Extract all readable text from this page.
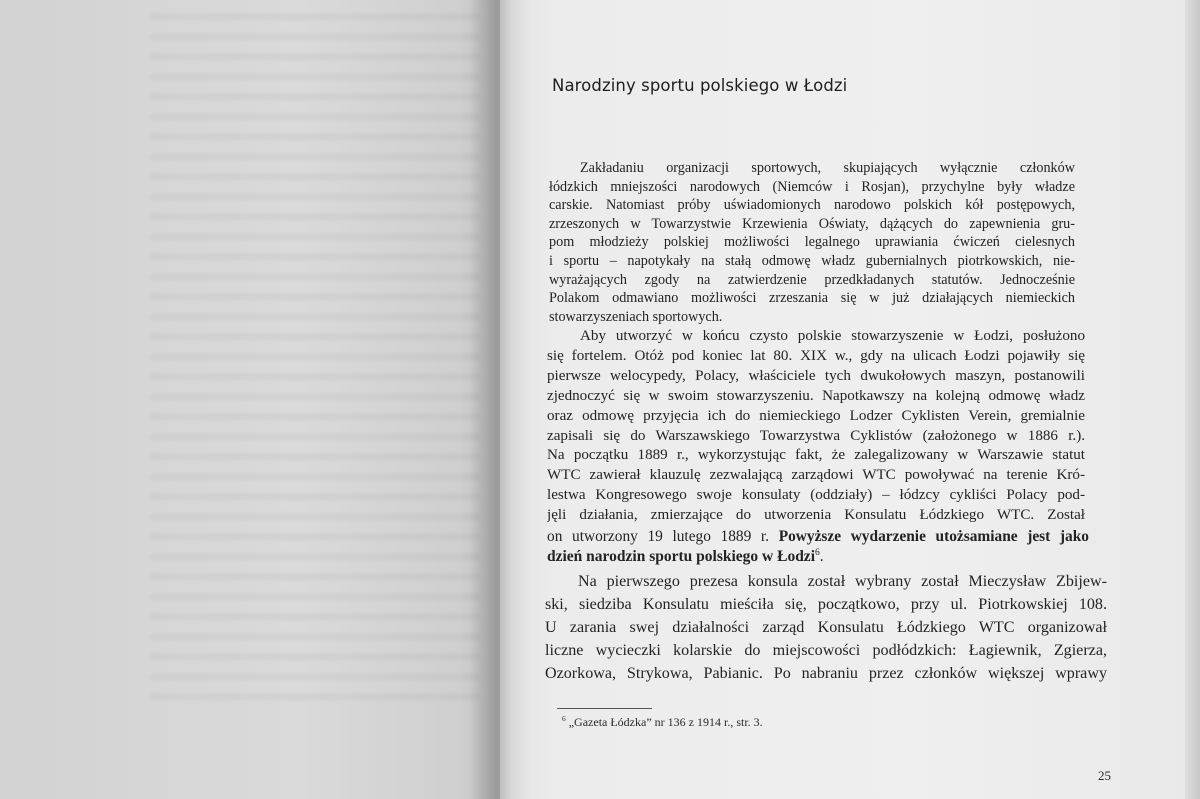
Narodziny sportu polskiego w Łodzi
Zakładaniu organizacji sportowych, skupiających wyłącznie członków
łódzkich mniejszości narodowych (Niemców i Rosjan), przychylne były władze
carskie. Natomiast próby uświadomionych narodowo polskich kół postępowych,
zrzeszonych w Towarzystwie Krzewienia Oświaty, dążących do zapewnienia gru-
pom młodzieży polskiej możliwości legalnego uprawiania ćwiczeń cielesnych
i sportu – napotykały na stałą odmowę władz gubernialnych piotrkowskich, nie-
wyrażających zgody na zatwierdzenie przedkładanych statutów. Jednocześnie
Polakom odmawiano możliwości zrzeszania się w już działających niemieckich
stowarzyszeniach sportowych.
Aby utworzyć w końcu czysto polskie stowarzyszenie w Łodzi, posłużono
się fortelem. Otóż pod koniec lat 80. XIX w., gdy na ulicach Łodzi pojawiły się
pierwsze welocypedy, Polacy, właściciele tych dwukołowych maszyn, postanowili
zjednoczyć się w swoim stowarzyszeniu. Napotkawszy na kolejną odmowę władz
oraz odmowę przyjęcia ich do niemieckiego Lodzer Cyklisten Verein, gremialnie
zapisali się do Warszawskiego Towarzystwa Cyklistów (założonego w 1886 r.).
Na początku 1889 r., wykorzystując fakt, że zalegalizowany w Warszawie statut
WTC zawierał klauzulę zezwalającą zarządowi WTC powoływać na terenie Kró-
lestwa Kongresowego swoje konsulaty (oddziały) – łódzcy cykliści Polacy pod-
jęli działania, zmierzające do utworzenia Konsulatu Łódzkiego WTC. Został
on utworzony 19 lutego 1889 r. Powyższe wydarzenie utożsamiane jest jako
dzień narodzin sportu polskiego w Łodzi$^6$.
Na pierwszego prezesa konsula został wybrany został Mieczysław Zbijew-
ski, siedziba Konsulatu mieściła się, początkowo, przy ul. Piotrkowskiej 108.
U zarania swej działalności zarząd Konsulatu Łódzkiego WTC organizował
liczne wycieczki kolarskie do miejscowości podłódzkich: Łagiewnik, Zgierza,
Ozorkowa, Strykowa, Pabianic. Po nabraniu przez członków większej wprawy
$^6$ „Gazeta Łódzka” nr 136 z 1914 r., str. 3.
25
